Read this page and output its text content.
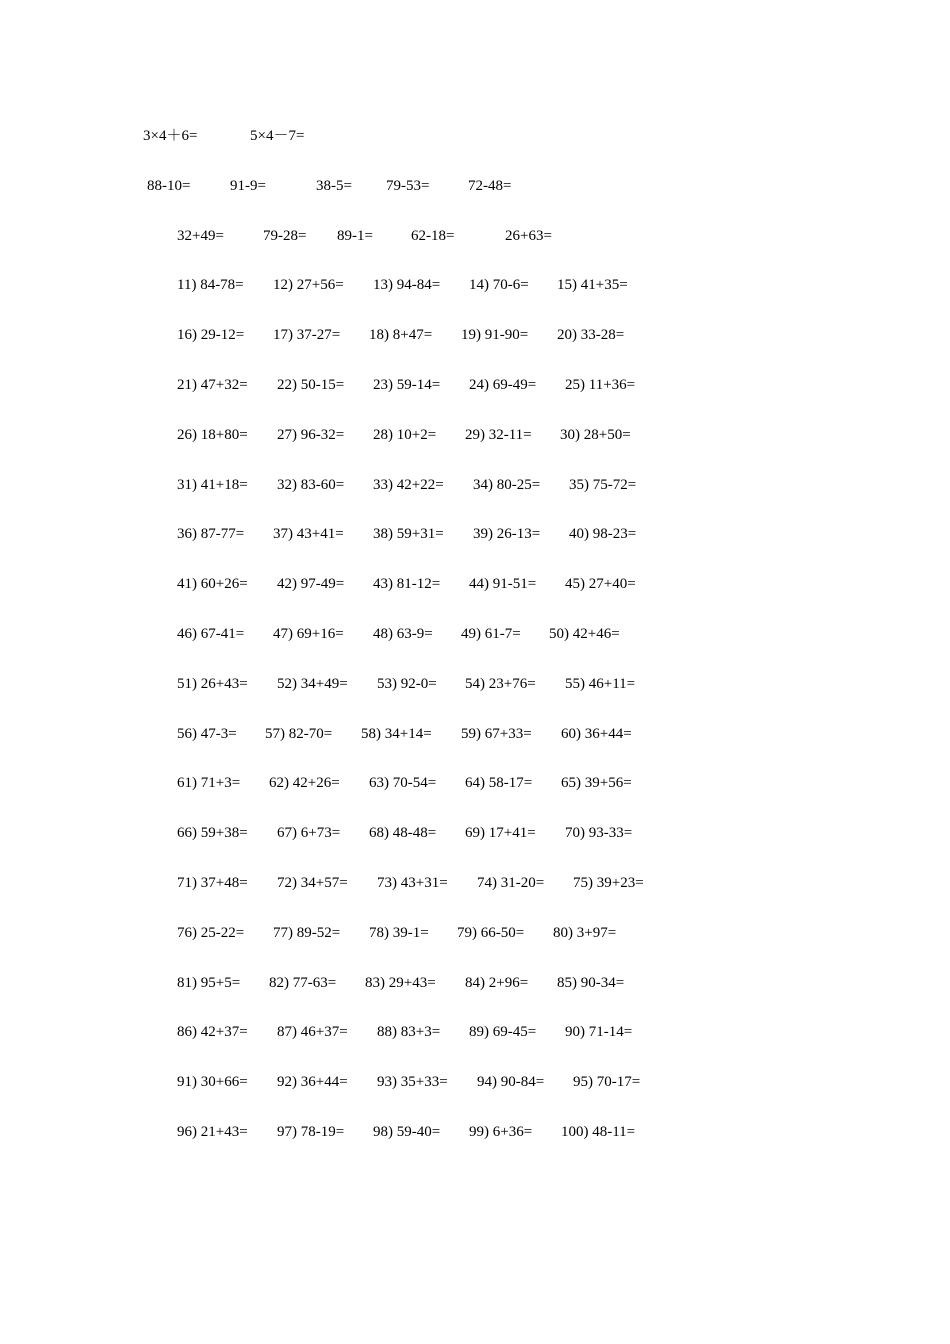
3×4＋6=	5×4－7=
88-10=	91-9=	38-5= 79-53=	72-48=
32+49=	79-28= 89-1=	62-18=	26+63=
11) 84-78= 12) 27+56= 13) 94-84= 14) 70-6= 15) 41+35=
16) 29-12= 17) 37-27= 18) 8+47= 19) 91-90= 20) 33-28=
21) 47+32= 22) 50-15= 23) 59-14= 24) 69-49= 25) 11+36=
26) 18+80= 27) 96-32= 28) 10+2= 29) 32-11= 30) 28+50=
31) 41+18= 32) 83-60= 33) 42+22= 34) 80-25= 35) 75-72=
36) 87-77= 37) 43+41= 38) 59+31= 39) 26-13= 40) 98-23=
41) 60+26= 42) 97-49= 43) 81-12= 44) 91-51= 45) 27+40=
46) 67-41= 47) 69+16= 48) 63-9= 49) 61-7= 50) 42+46=
51) 26+43= 52) 34+49= 53) 92-0= 54) 23+76= 55) 46+11=
56) 47-3= 57) 82-70= 58) 34+14= 59) 67+33= 60) 36+44=
61) 71+3= 62) 42+26= 63) 70-54= 64) 58-17= 65) 39+56=
66) 59+38= 67) 6+73= 68) 48-48= 69) 17+41= 70) 93-33=
71) 37+48= 72) 34+57= 73) 43+31= 74) 31-20= 75) 39+23=
76) 25-22= 77) 89-52= 78) 39-1= 79) 66-50= 80) 3+97=
81) 95+5= 82) 77-63= 83) 29+43= 84) 2+96= 85) 90-34=
86) 42+37= 87) 46+37= 88) 83+3= 89) 69-45= 90) 71-14=
91) 30+66= 92) 36+44= 93) 35+33= 94) 90-84= 95) 70-17=
96) 21+43= 97) 78-19= 98) 59-40= 99) 6+36= 100) 48-11=
